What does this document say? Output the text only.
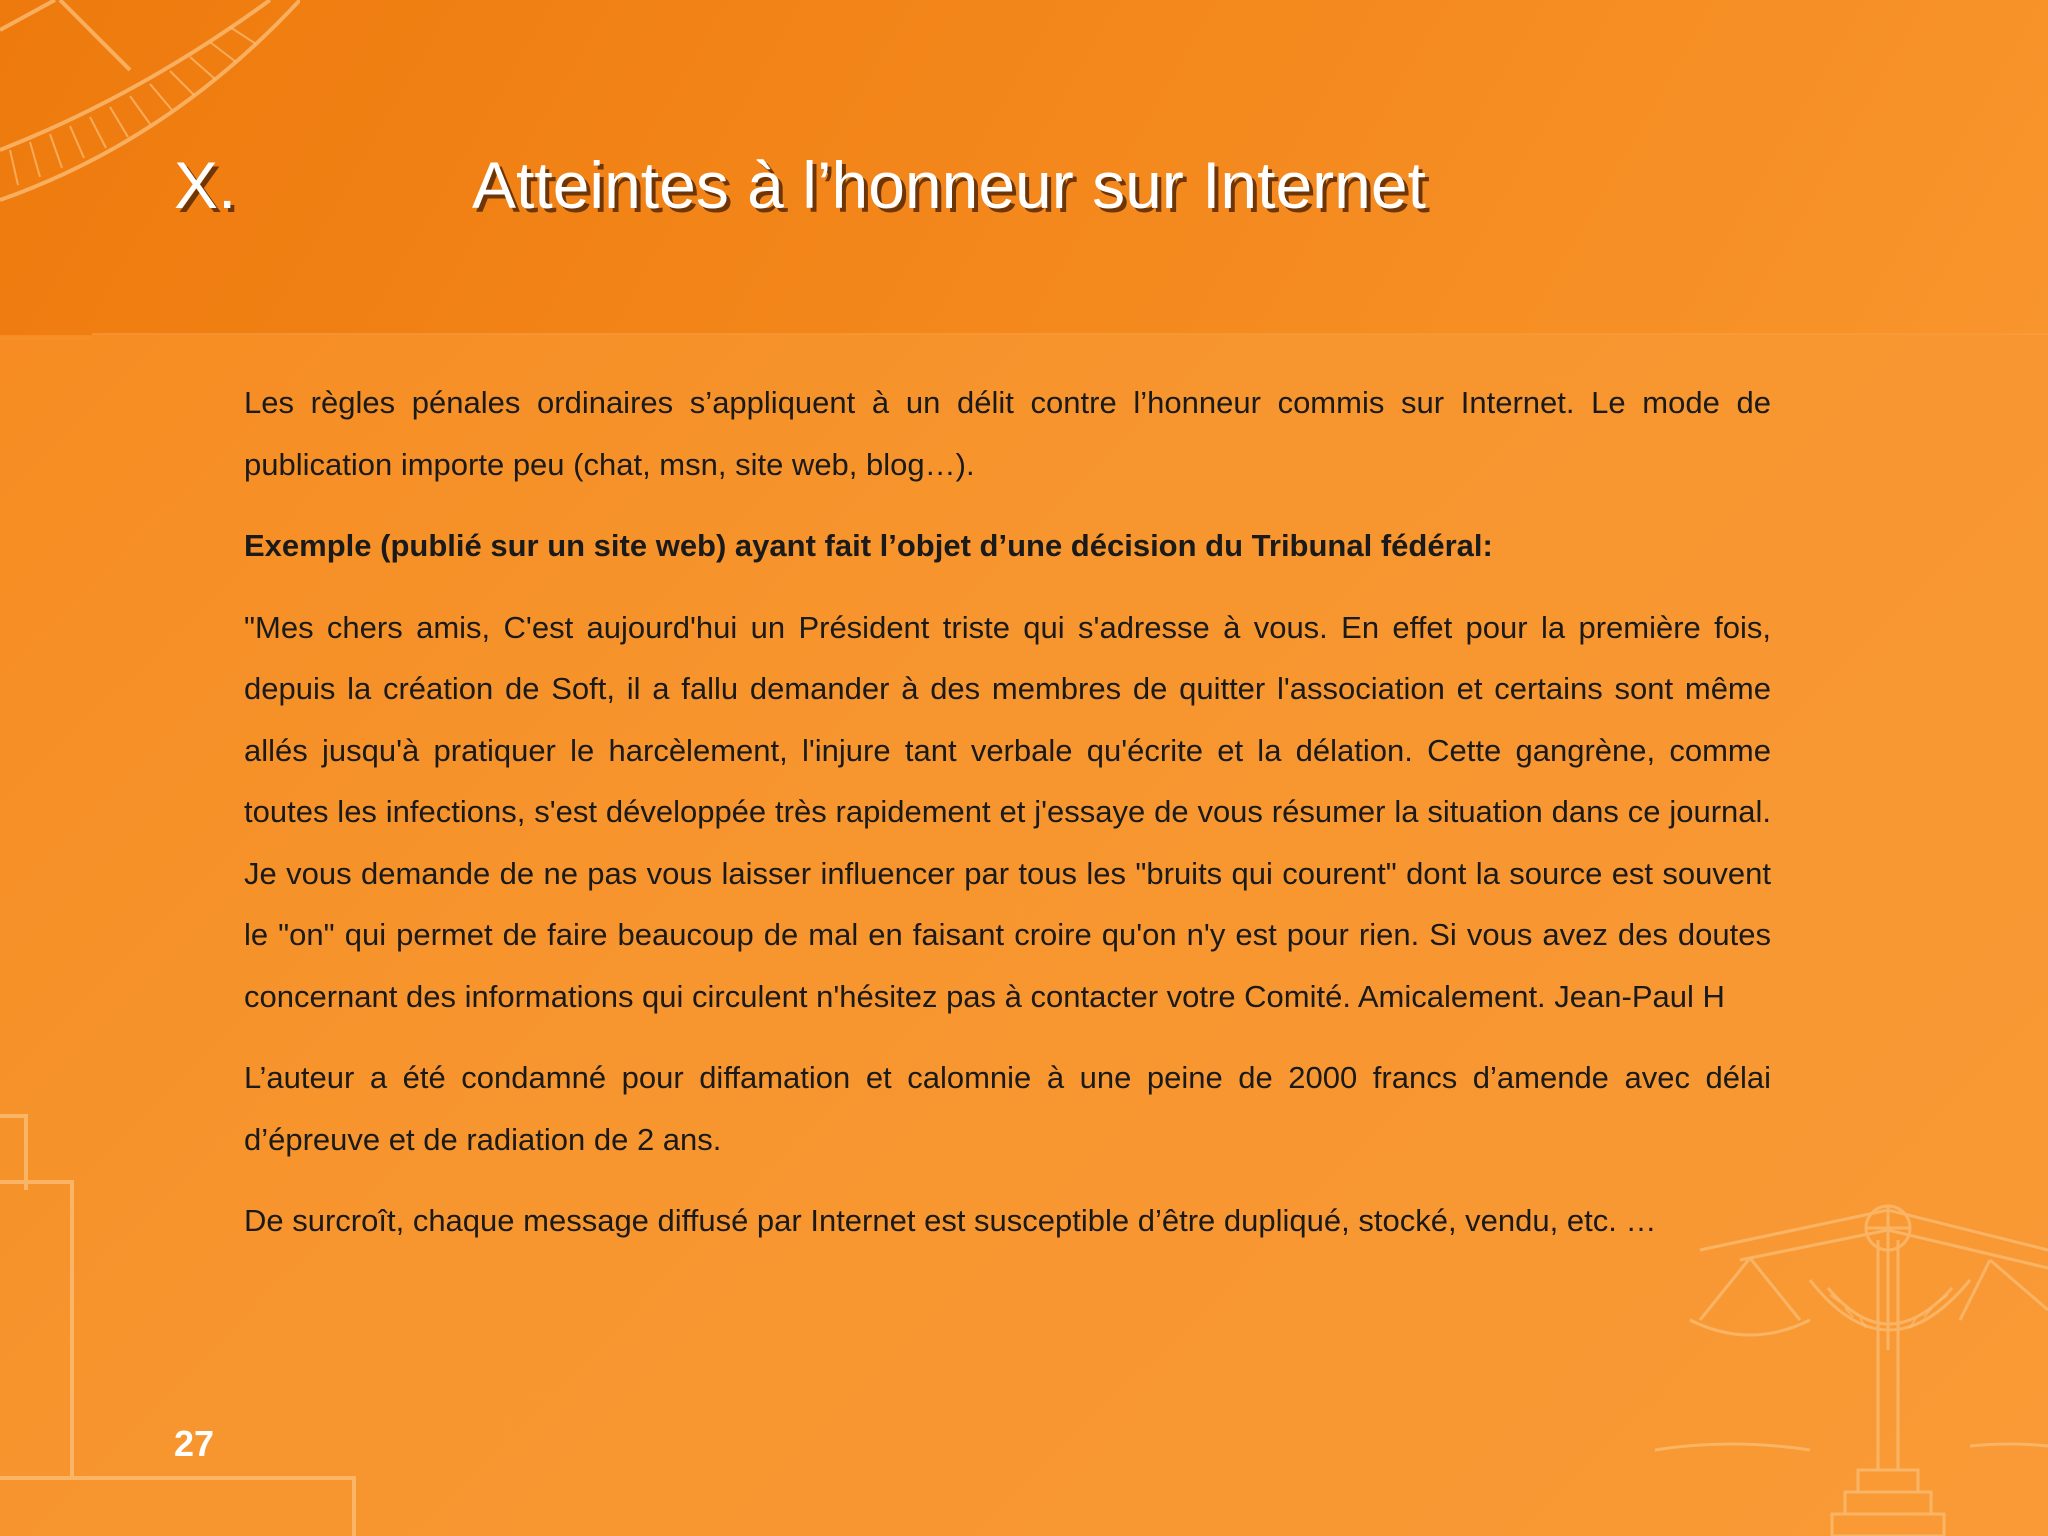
X.	Atteintes à l’honneur sur Internet

Les règles pénales ordinaires s’appliquent à un délit contre l’honneur commis sur Internet. Le mode de publication importe peu (chat, msn, site web, blog…).

Exemple (publié sur un site web) ayant fait l’objet d’une décision du Tribunal fédéral:

"Mes chers amis, C'est aujourd'hui un Président triste qui s'adresse à vous. En effet pour la première fois, depuis la création de Soft, il a fallu demander à des membres de quitter l'association et certains sont même allés jusqu'à pratiquer le harcèlement, l'injure tant verbale qu'écrite et la délation. Cette gangrène, comme toutes les infections, s'est développée très rapidement et j'essaye de vous résumer la situation dans ce journal. Je vous demande de ne pas vous laisser influencer par tous les "bruits qui courent" dont la source est souvent le "on" qui permet de faire beaucoup de mal en faisant croire qu'on n'y est pour rien. Si vous avez des doutes concernant des informations qui circulent n'hésitez pas à contacter votre Comité. Amicalement. Jean-Paul H

L’auteur a été condamné pour diffamation et calomnie à une peine de 2000 francs d’amende avec délai d’épreuve et de radiation de 2 ans.

De surcroît, chaque message diffusé par Internet est susceptible d’être dupliqué, stocké, vendu, etc. …

27
